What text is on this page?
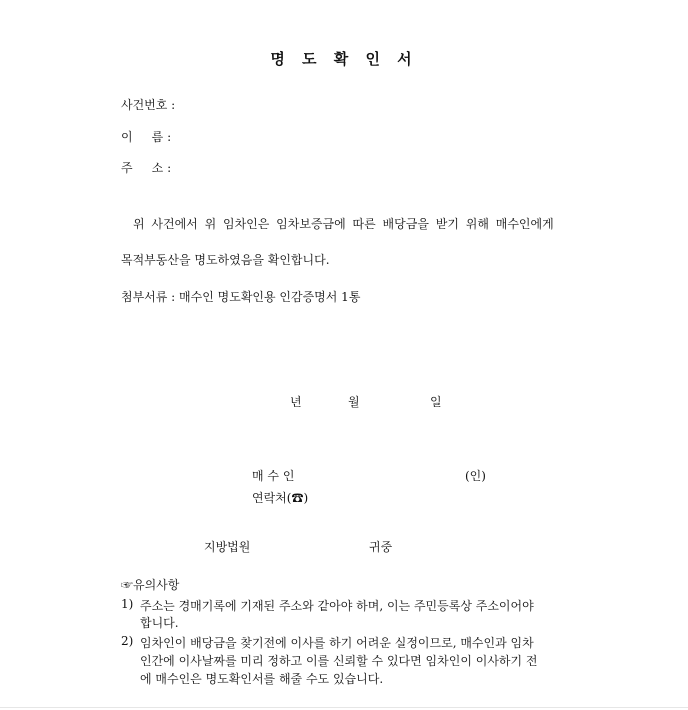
명 도 확 인 서
사건번호 :
이     름 :
주     소 :
위 사건에서 위 임차인은 임차보증금에 따른 배당금을 받기 위해 매수인에게
목적부동산을 명도하였음을 확인합니다.
첨부서류 : 매수인 명도확인용 인감증명서 1통
년	월	일
매 수 인	(인)
연락처(☎)
지방법원	귀중
☞유의사항
1) 주소는 경매기록에 기재된 주소와 같아야 하며, 이는 주민등록상 주소이어야
합니다.
2) 임차인이 배당금을 찾기전에 이사를 하기 어려운 실정이므로, 매수인과 임차
인간에 이사날짜를 미리 정하고 이를 신뢰할 수 있다면 임차인이 이사하기 전
에 매수인은 명도확인서를 해줄 수도 있습니다.
